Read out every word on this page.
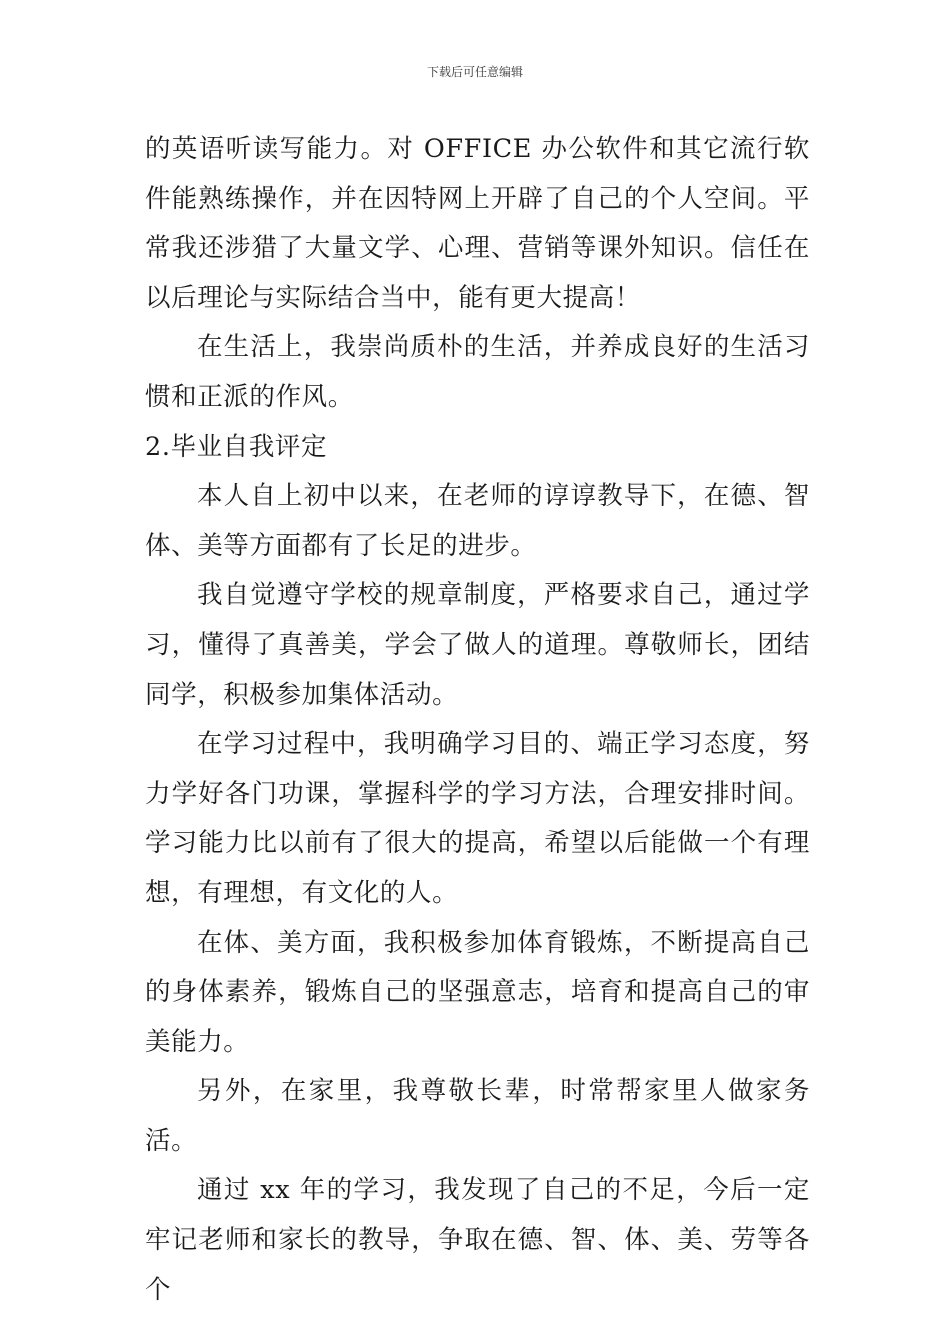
下载后可任意编辑

的英语听读写能力。对 OFFICE 办公软件和其它流行软件能熟练操作，并在因特网上开辟了自己的个人空间。平常我还涉猎了大量文学、心理、营销等课外知识。信任在以后理论与实际结合当中，能有更大提高！

在生活上，我崇尚质朴的生活，并养成良好的生活习惯和正派的作风。

2.毕业自我评定

本人自上初中以来，在老师的谆谆教导下，在德、智体、美等方面都有了长足的进步。

我自觉遵守学校的规章制度，严格要求自己，通过学习，懂得了真善美，学会了做人的道理。尊敬师长，团结同学，积极参加集体活动。

在学习过程中，我明确学习目的、端正学习态度，努力学好各门功课，掌握科学的学习方法，合理安排时间。学习能力比以前有了很大的提高，希望以后能做一个有理想，有理想，有文化的人。

在体、美方面，我积极参加体育锻炼，不断提高自己的身体素养，锻炼自己的坚强意志，培育和提高自己的审美能力。

另外，在家里，我尊敬长辈，时常帮家里人做家务活。

通过 xx 年的学习，我发现了自己的不足，今后一定牢记老师和家长的教导，争取在德、智、体、美、劳等各个
